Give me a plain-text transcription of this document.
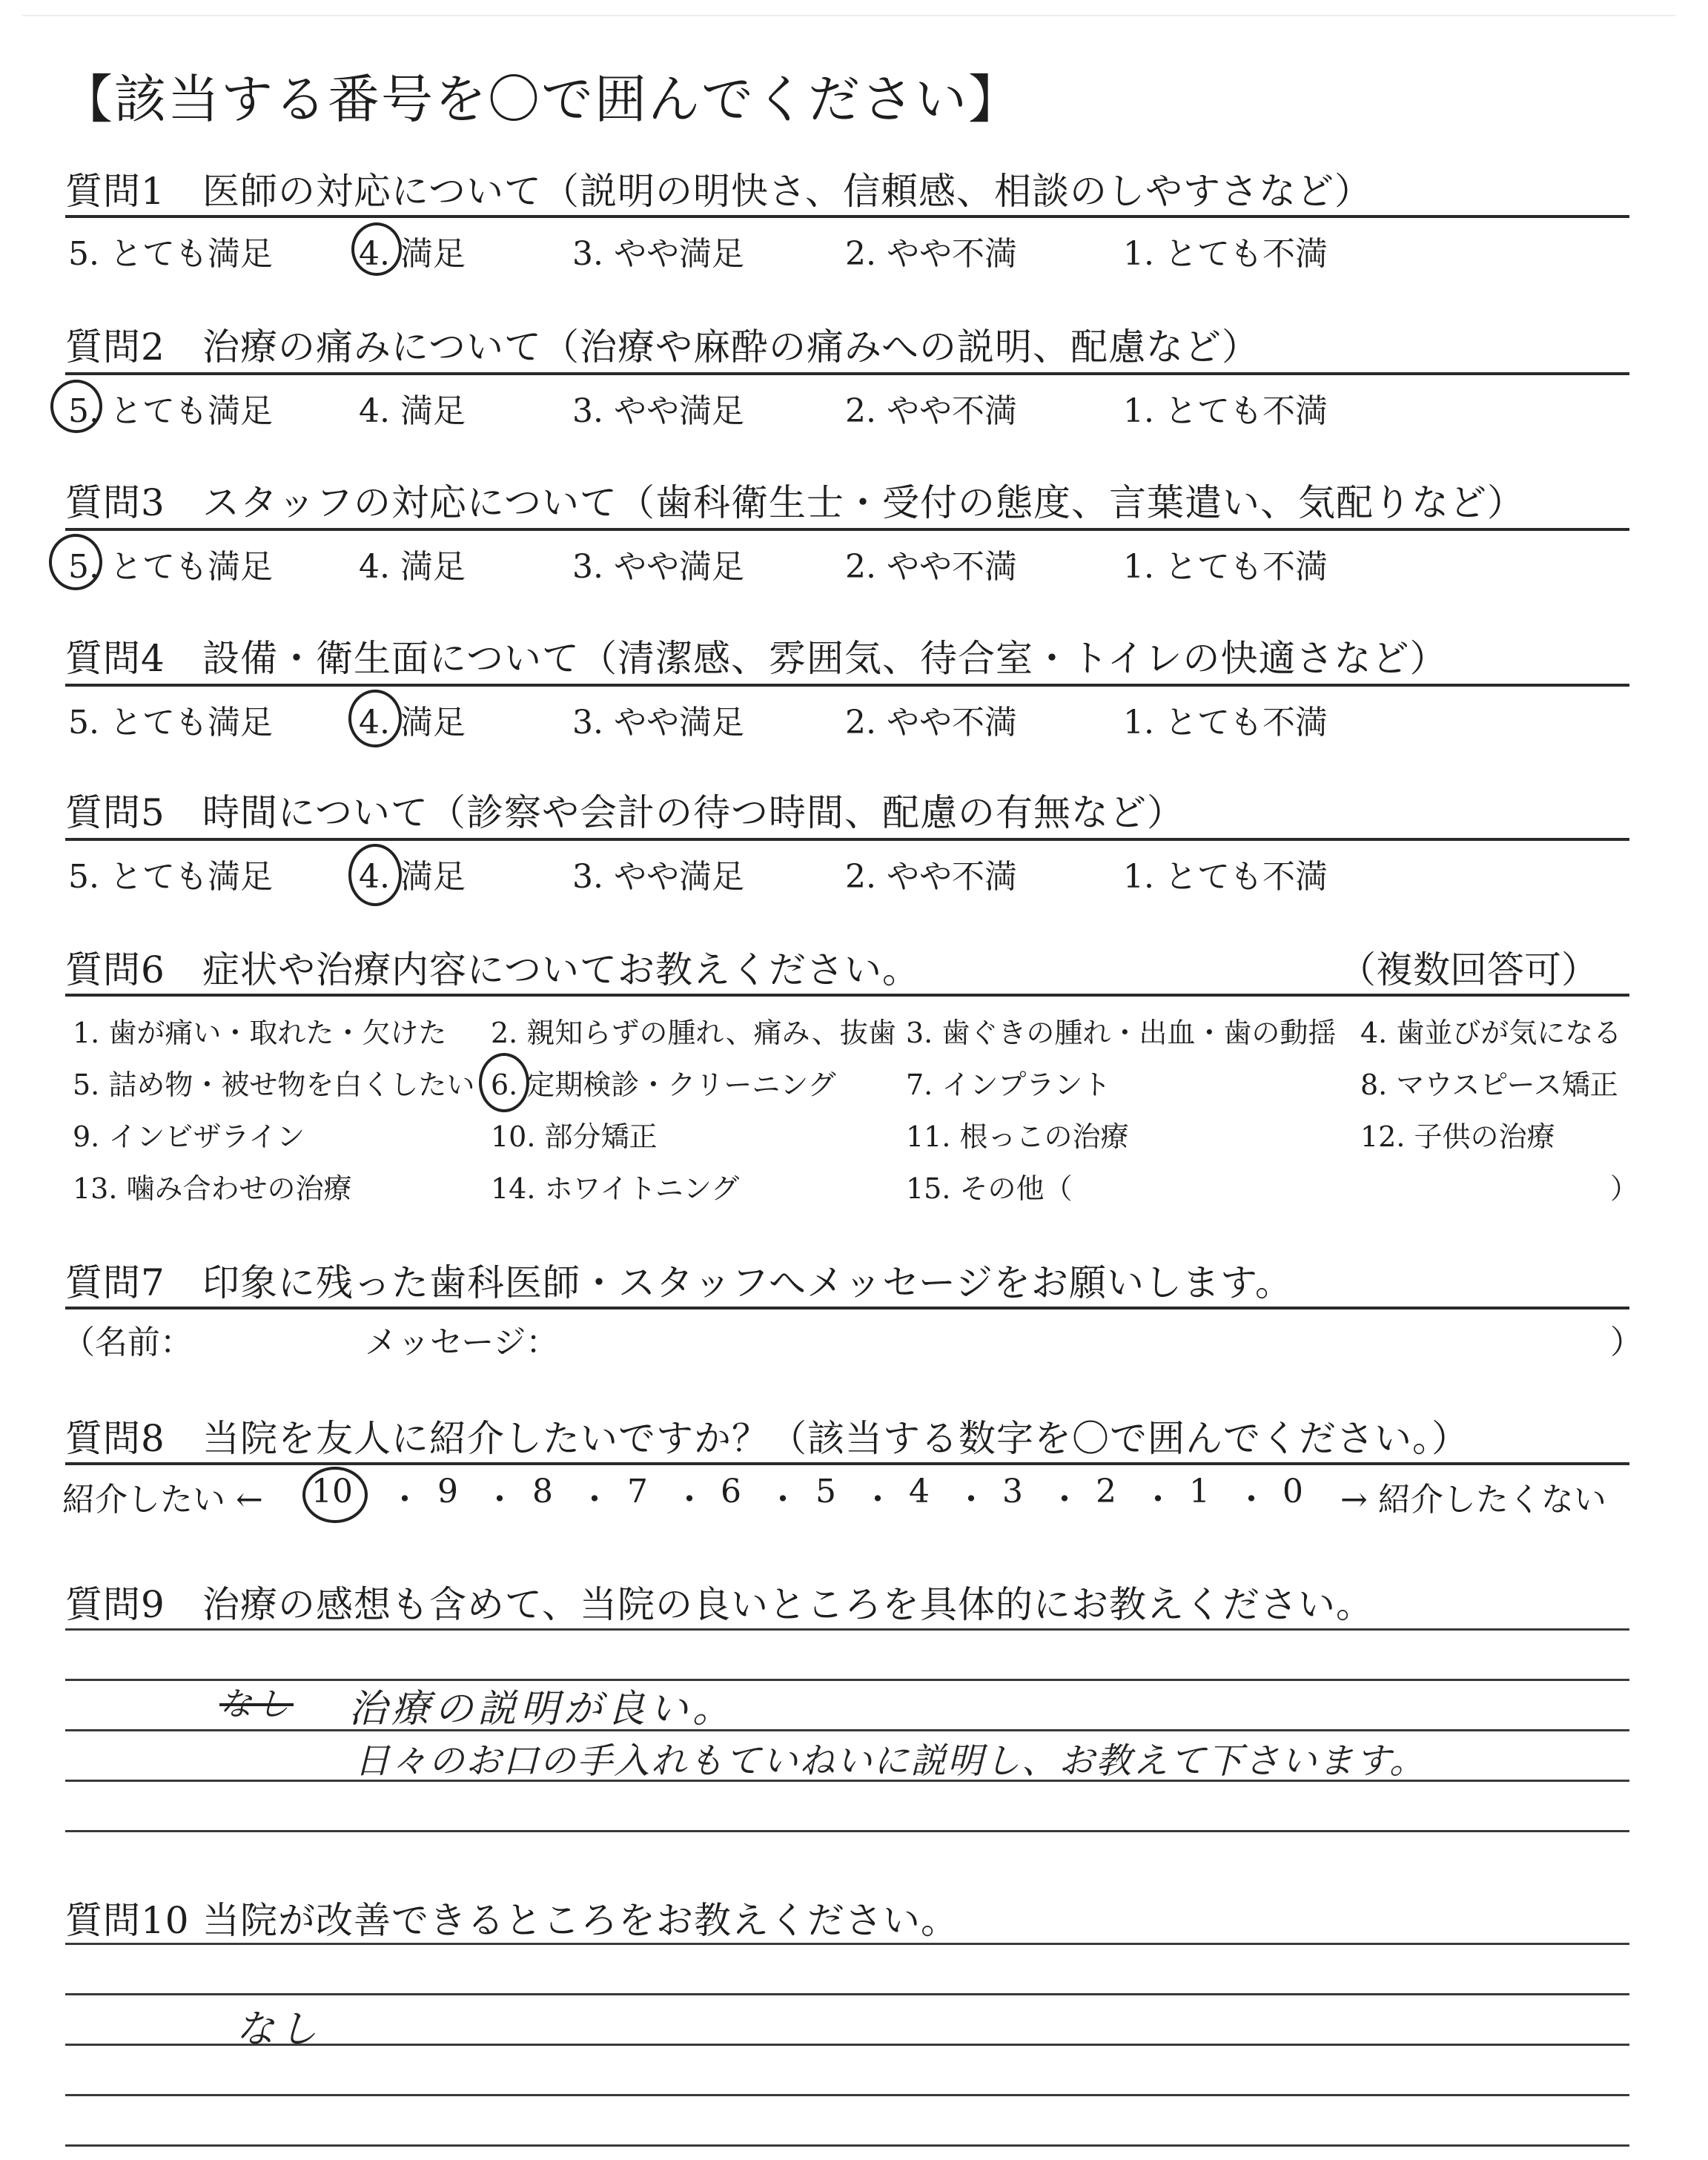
【該当する番号を〇で囲んでください】
質問1 医師の対応について（説明の明快さ、信頼感、相談のしやすさなど）
5. とても満足	4. 満足	3. やや満足	2. やや不満	1. とても不満
質問2 治療の痛みについて（治療や麻酔の痛みへの説明、配慮など）
5. とても満足	4. 満足	3. やや満足	2. やや不満	1. とても不満
質問3 スタッフの対応について（歯科衛生士・受付の態度、言葉遣い、気配りなど）
5. とても満足	4. 満足	3. やや満足	2. やや不満	1. とても不満
質問4 設備・衛生面について（清潔感、雰囲気、待合室・トイレの快適さなど）
5. とても満足	4. 満足	3. やや満足	2. やや不満	1. とても不満
質問5 時間について（診察や会計の待つ時間、配慮の有無など）
5. とても満足	4. 満足	3. やや満足	2. やや不満	1. とても不満
質問6 症状や治療内容についてお教えください。	（複数回答可）
1. 歯が痛い・取れた・欠けた 2. 親知らずの腫れ、痛み、抜歯 3. 歯ぐきの腫れ・出血・歯の動揺 4. 歯並びが気になる
5. 詰め物・被せ物を白くしたい 6. 定期検診・クリーニング 7. インプラント	8. マウスピース矯正
9. インビザライン	10. 部分矯正	11. 根っこの治療	12. 子供の治療
13. 噛み合わせの治療	14. ホワイトニング	15. その他（	）
質問7 印象に残った歯科医師・スタッフへメッセージをお願いします。
（名前：	メッセージ：	）
質問8 当院を友人に紹介したいですか？（該当する数字を〇で囲んでください。）
紹介したい ← 10 ・ 9 ・ 8 ・ 7 ・ 6 ・ 5 ・ 4 ・ 3 ・ 2 ・ 1 ・ 0 → 紹介したくない
質問9 治療の感想も含めて、当院の良いところを具体的にお教えください。
なし 治療の説明が良い。
日々のお口の手入れもていねいに説明し、お教えて下さいます。
質問10 当院が改善できるところをお教えください。
なし
